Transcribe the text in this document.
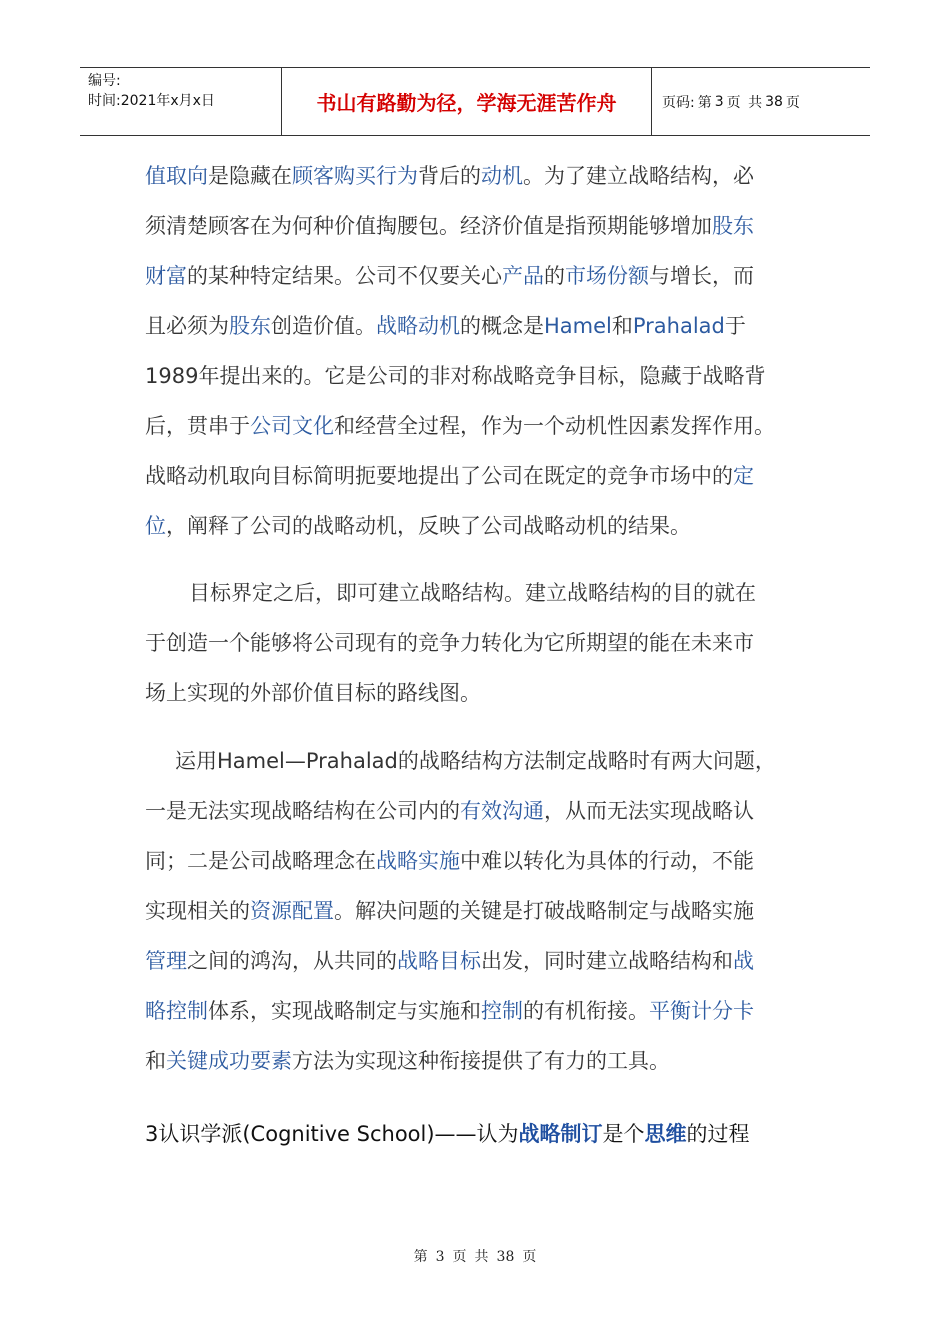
编号:
时间:2021年x月x日	书山有路勤为径，学海无涯苦作舟	页码: 第 3 页
共 38 页
值取向是隐藏在顾客购买行为背后的动机。为了建立战略结构，必
须清楚顾客在为何种价值掏腰包。经济价值是指预期能够增加股东
财富的某种特定结果。公司不仅要关心产品的市场份额与增长，而
且必须为股东创造价值。战略动机的概念是Hamel和Prahalad于
1989年提出来的。它是公司的非对称战略竞争目标，隐藏于战略背
后，贯串于公司文化和经营全过程，作为一个动机性因素发挥作用。
战略动机取向目标简明扼要地提出了公司在既定的竞争市场中的定
位，阐释了公司的战略动机，反映了公司战略动机的结果。
目标界定之后，即可建立战略结构。建立战略结构的目的就在
于创造一个能够将公司现有的竞争力转化为它所期望的能在未来市
场上实现的外部价值目标的路线图。
运用Hamel—Prahalad的战略结构方法制定战略时有两大问题，
一是无法实现战略结构在公司内的有效沟通，从而无法实现战略认
同；二是公司战略理念在战略实施中难以转化为具体的行动，不能
实现相关的资源配置。解决问题的关键是打破战略制定与战略实施
管理之间的鸿沟，从共同的战略目标出发，同时建立战略结构和战
略控制体系，实现战略制定与实施和控制的有机衔接。平衡计分卡
和关键成功要素方法为实现这种衔接提供了有力的工具。
3认识学派(Cognitive School)——认为战略制订是个思维的过程
第 3 页 共 38 页
